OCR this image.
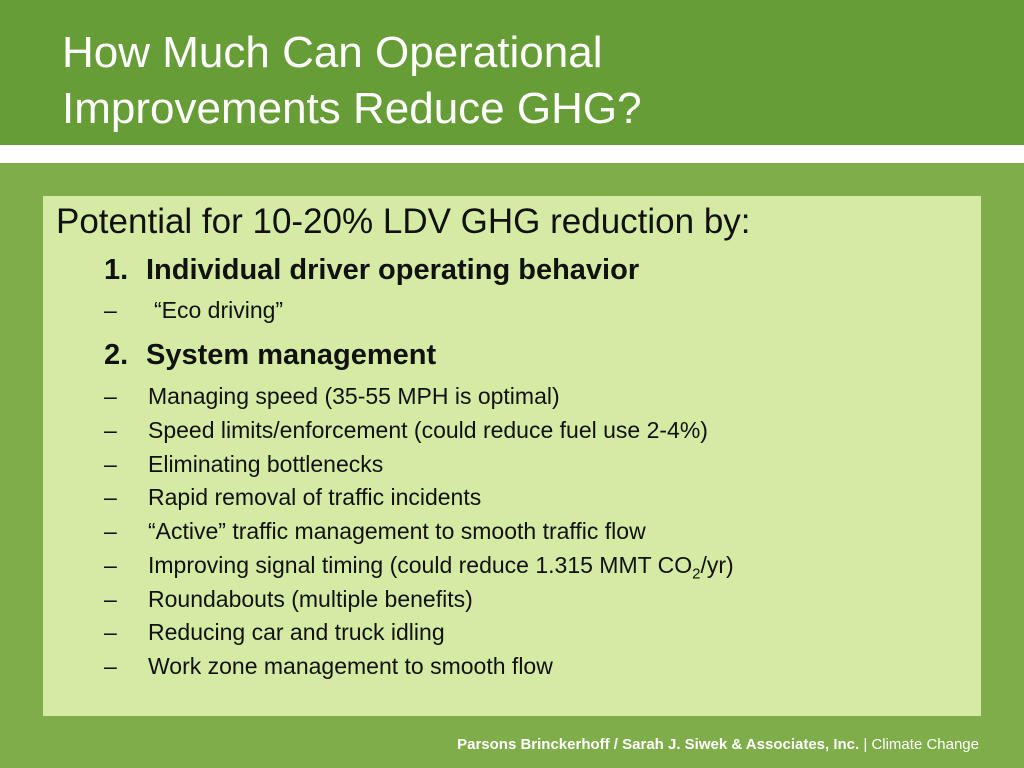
How Much Can Operational
Improvements Reduce GHG?
Potential for 10-20% LDV GHG reduction by:
1. Individual driver operating behavior
– “Eco driving”
2. System management
– Managing speed (35-55 MPH is optimal)
– Speed limits/enforcement (could reduce fuel use 2-4%)
– Eliminating bottlenecks
– Rapid removal of traffic incidents
– “Active” traffic management to smooth traffic flow
– Improving signal timing (could reduce 1.315 MMT $CO_2/yr$)
– Roundabouts (multiple benefits)
– Reducing car and truck idling
– Work zone management to smooth flow
Parsons Brinckerhoff / Sarah J. Siwek & Associates, Inc. | Climate Change
